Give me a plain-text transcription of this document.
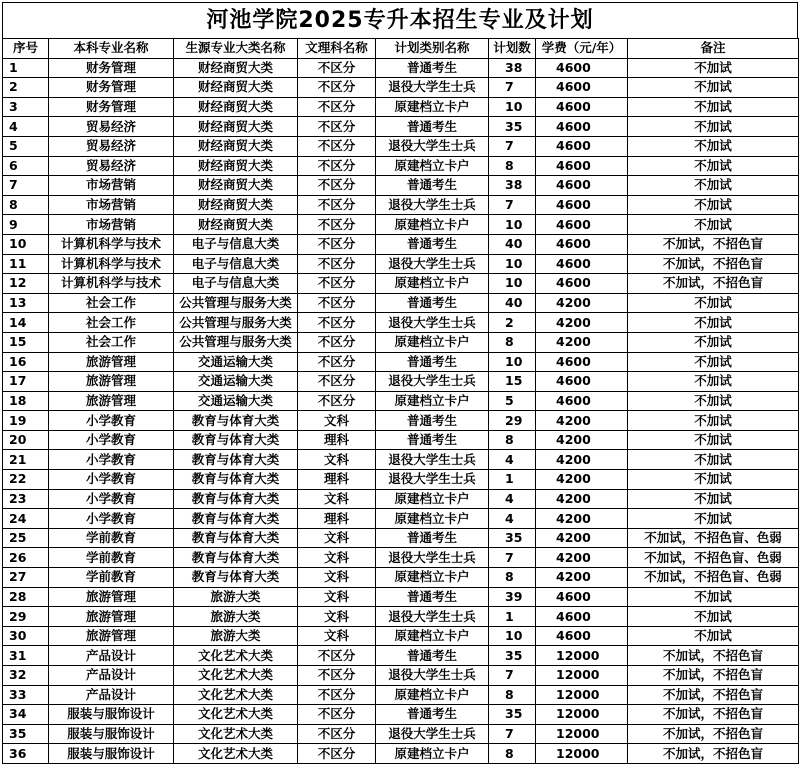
河池学院2025专升本招生专业及计划
序号	本科专业名称	生源专业大类名称	文理科名称	计划类别名称	计划数	学费（元/年）	备注
1	财务管理	财经商贸大类	不区分	普通考生	38	4600	不加试
2	财务管理	财经商贸大类	不区分	退役大学生士兵	7	4600	不加试
3	财务管理	财经商贸大类	不区分	原建档立卡户	10	4600	不加试
4	贸易经济	财经商贸大类	不区分	普通考生	35	4600	不加试
5	贸易经济	财经商贸大类	不区分	退役大学生士兵	7	4600	不加试
6	贸易经济	财经商贸大类	不区分	原建档立卡户	8	4600	不加试
7	市场营销	财经商贸大类	不区分	普通考生	38	4600	不加试
8	市场营销	财经商贸大类	不区分	退役大学生士兵	7	4600	不加试
9	市场营销	财经商贸大类	不区分	原建档立卡户	10	4600	不加试
10	计算机科学与技术	电子与信息大类	不区分	普通考生	40	4600	不加试，不招色盲
11	计算机科学与技术	电子与信息大类	不区分	退役大学生士兵	10	4600	不加试，不招色盲
12	计算机科学与技术	电子与信息大类	不区分	原建档立卡户	10	4600	不加试，不招色盲
13	社会工作	公共管理与服务大类	不区分	普通考生	40	4200	不加试
14	社会工作	公共管理与服务大类	不区分	退役大学生士兵	2	4200	不加试
15	社会工作	公共管理与服务大类	不区分	原建档立卡户	8	4200	不加试
16	旅游管理	交通运输大类	不区分	普通考生	10	4600	不加试
17	旅游管理	交通运输大类	不区分	退役大学生士兵	15	4600	不加试
18	旅游管理	交通运输大类	不区分	原建档立卡户	5	4600	不加试
19	小学教育	教育与体育大类	文科	普通考生	29	4200	不加试
20	小学教育	教育与体育大类	理科	普通考生	8	4200	不加试
21	小学教育	教育与体育大类	文科	退役大学生士兵	4	4200	不加试
22	小学教育	教育与体育大类	理科	退役大学生士兵	1	4200	不加试
23	小学教育	教育与体育大类	文科	原建档立卡户	4	4200	不加试
24	小学教育	教育与体育大类	理科	原建档立卡户	4	4200	不加试
25	学前教育	教育与体育大类	文科	普通考生	35	4200	不加试，不招色盲、色弱
26	学前教育	教育与体育大类	文科	退役大学生士兵	7	4200	不加试，不招色盲、色弱
27	学前教育	教育与体育大类	文科	原建档立卡户	8	4200	不加试，不招色盲、色弱
28	旅游管理	旅游大类	文科	普通考生	39	4600	不加试
29	旅游管理	旅游大类	文科	退役大学生士兵	1	4600	不加试
30	旅游管理	旅游大类	文科	原建档立卡户	10	4600	不加试
31	产品设计	文化艺术大类	不区分	普通考生	35	12000	不加试，不招色盲
32	产品设计	文化艺术大类	不区分	退役大学生士兵	7	12000	不加试，不招色盲
33	产品设计	文化艺术大类	不区分	原建档立卡户	8	12000	不加试，不招色盲
34	服装与服饰设计	文化艺术大类	不区分	普通考生	35	12000	不加试，不招色盲
35	服装与服饰设计	文化艺术大类	不区分	退役大学生士兵	7	12000	不加试，不招色盲
36	服装与服饰设计	文化艺术大类	不区分	原建档立卡户	8	12000	不加试，不招色盲
